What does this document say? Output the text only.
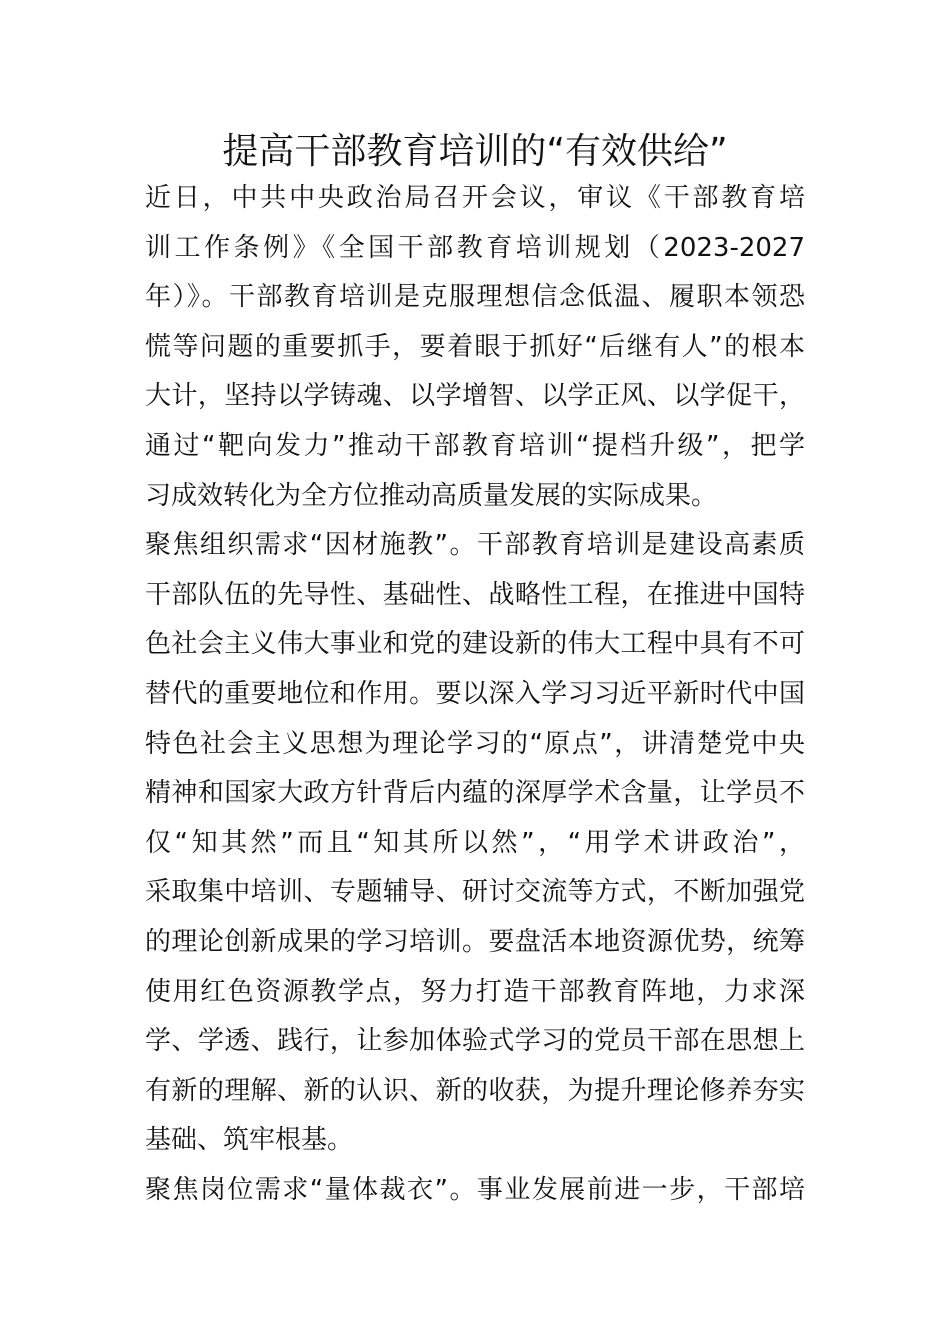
提高干部教育培训的“有效供给”
近日，中共中央政治局召开会议，审议《干部教育培
训工作条例》《全国干部教育培训规划（2023-2027
年）》。干部教育培训是克服理想信念低温、履职本领恐
慌等问题的重要抓手，要着眼于抓好“后继有人”的根本
大计，坚持以学铸魂、以学增智、以学正风、以学促干，
通过“靶向发力”推动干部教育培训“提档升级”，把学
习成效转化为全方位推动高质量发展的实际成果。
聚焦组织需求“因材施教”。干部教育培训是建设高素质
干部队伍的先导性、基础性、战略性工程，在推进中国特
色社会主义伟大事业和党的建设新的伟大工程中具有不可
替代的重要地位和作用。要以深入学习习近平新时代中国
特色社会主义思想为理论学习的“原点”，讲清楚党中央
精神和国家大政方针背后内蕴的深厚学术含量，让学员不
仅“知其然”而且“知其所以然”，“用学术讲政治”，
采取集中培训、专题辅导、研讨交流等方式，不断加强党
的理论创新成果的学习培训。要盘活本地资源优势，统筹
使用红色资源教学点，努力打造干部教育阵地，力求深
学、学透、践行，让参加体验式学习的党员干部在思想上
有新的理解、新的认识、新的收获，为提升理论修养夯实
基础、筑牢根基。
聚焦岗位需求“量体裁衣”。事业发展前进一步，干部培
